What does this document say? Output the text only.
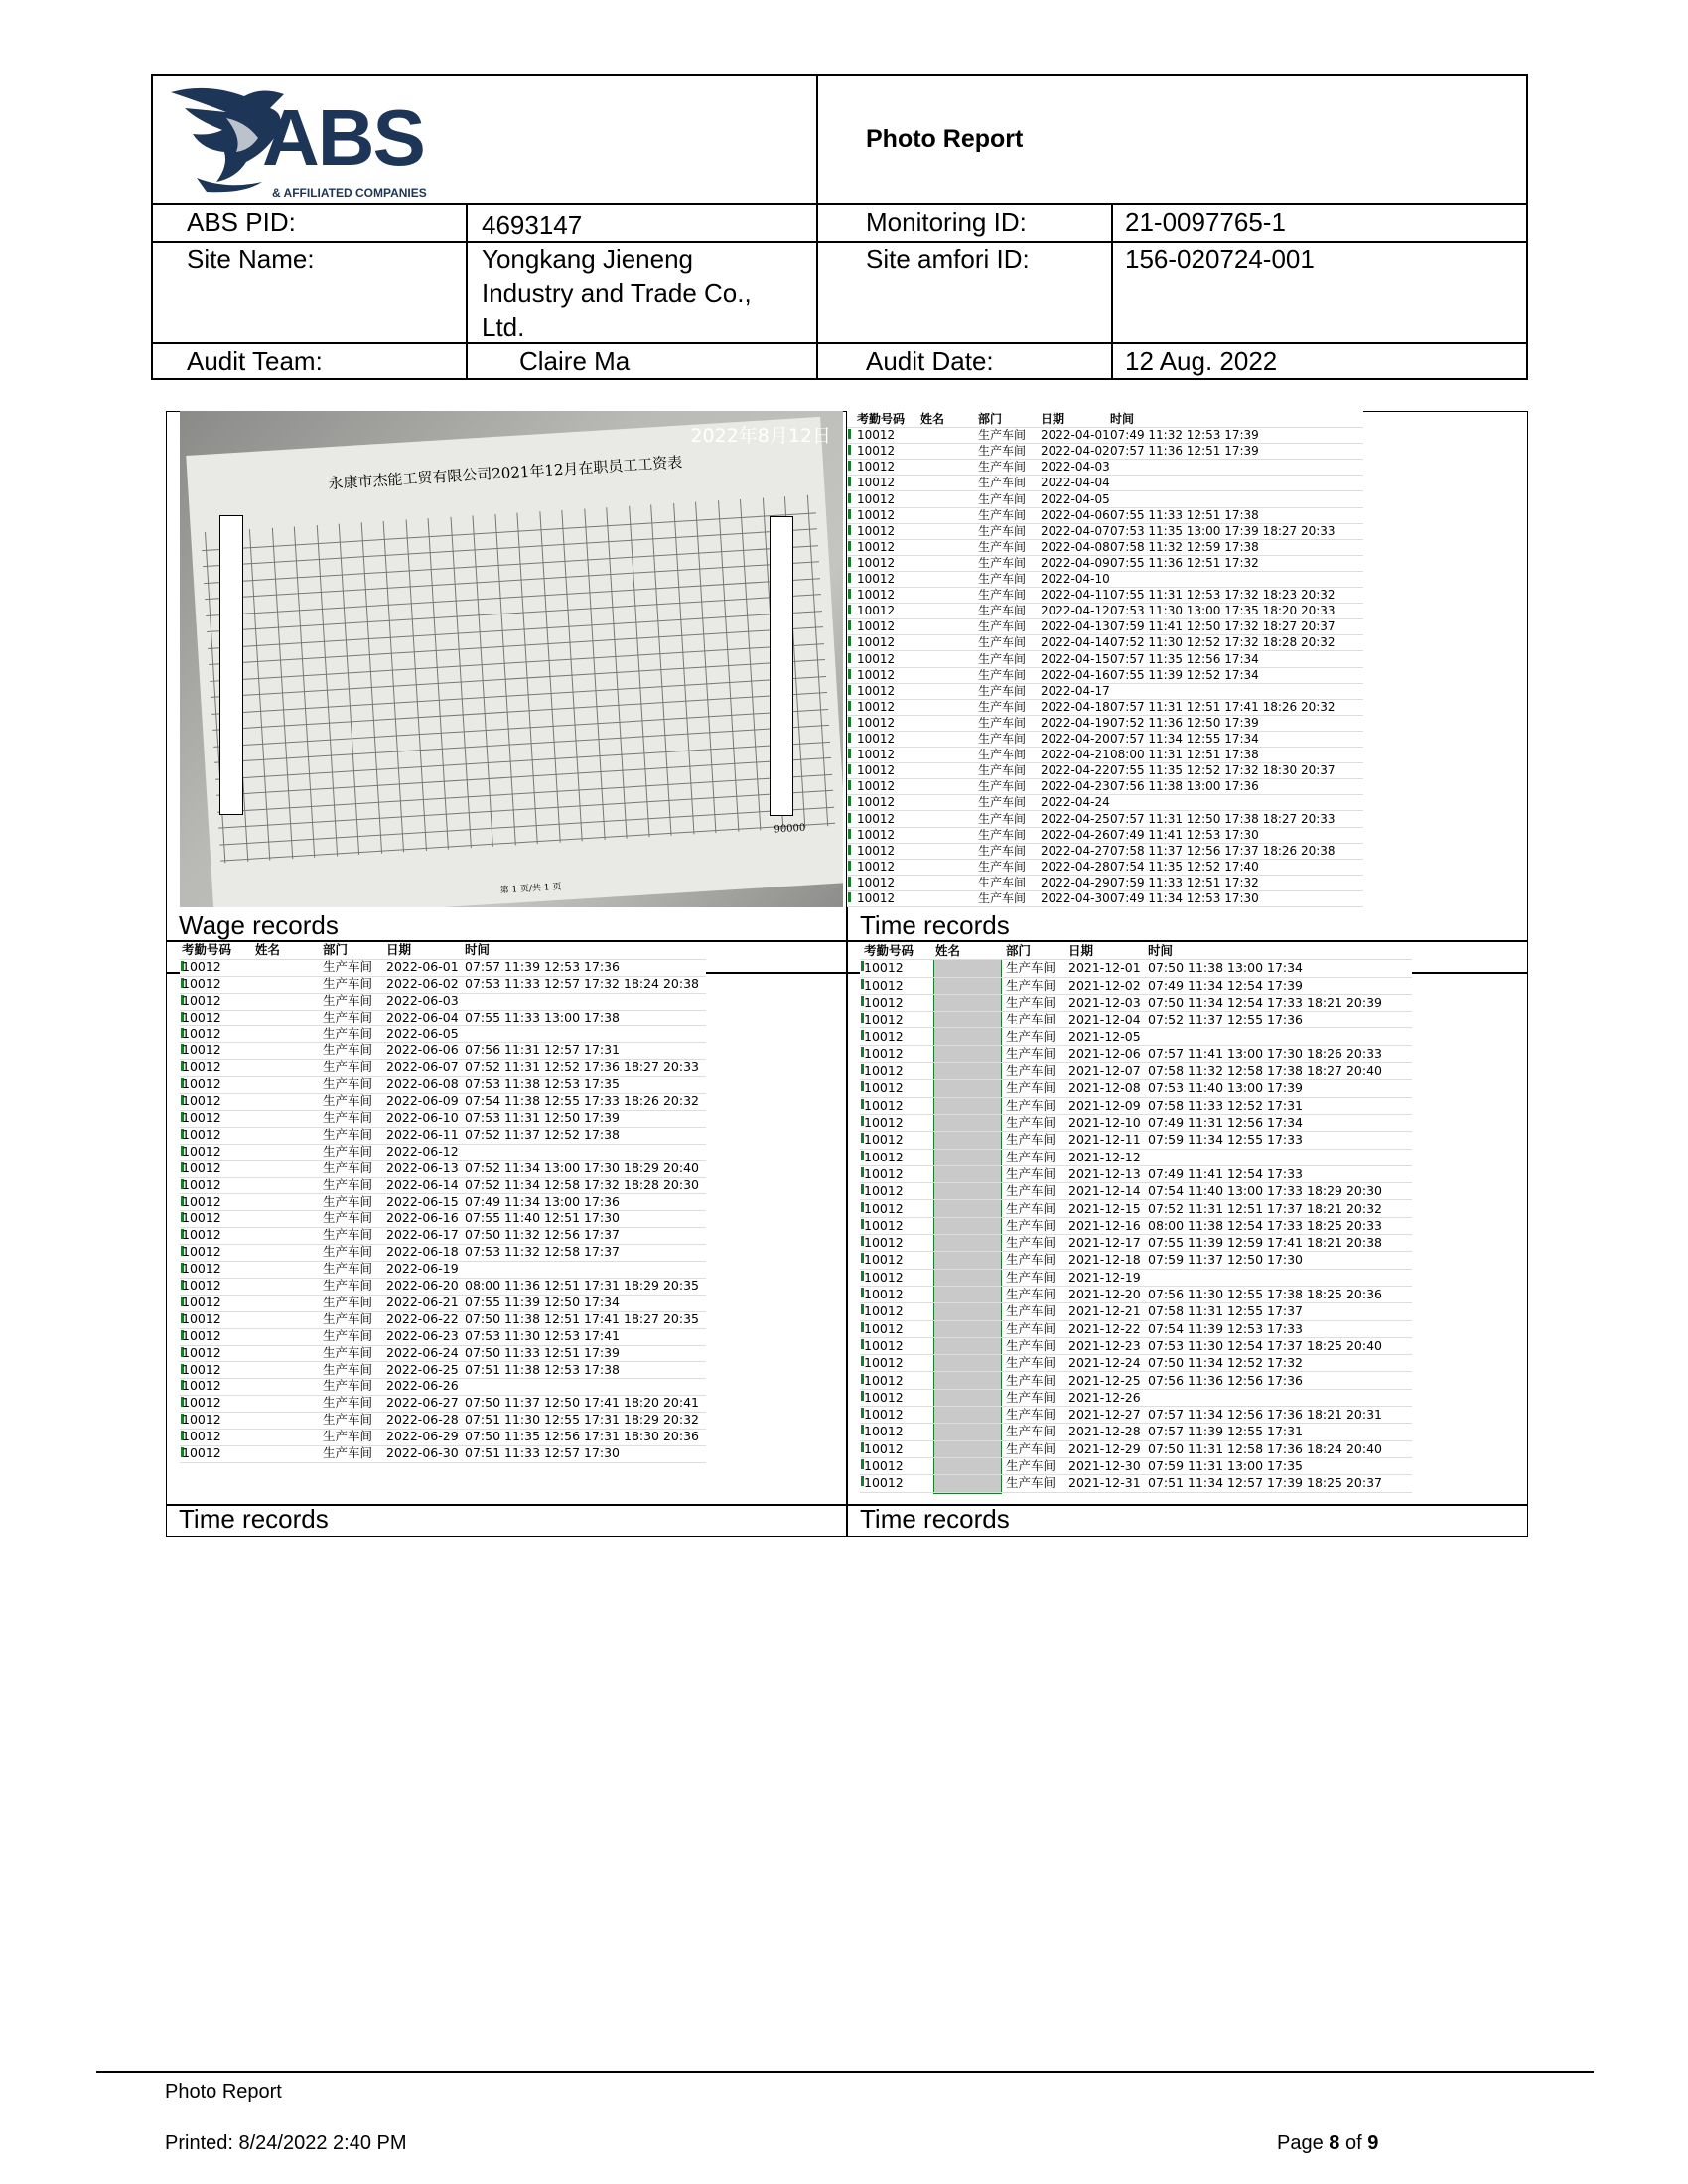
ABS
& AFFILIATED COMPANIES
Photo Report
ABS PID:	4693147	Monitoring ID:	21-0097765-1
Site Name:	Yongkang Jieneng
Industry and Trade Co.,
Ltd.
Site amfori ID:	156-020724-001
Audit Team:	Claire Ma	Audit Date:	12 Aug. 2022
Wage records	Time records
Time records	Time records
永康市杰能工贸有限公司2021年12月在职员工工资表
90000
第 1 页/共 1 页
2022年8月12日
考勤号码 姓名	部门	日期	时间
10012	生产车间 2022-04-01 07:49 11:32 12:53 17:39
10012	生产车间 2022-04-02 07:57 11:36 12:51 17:39
10012	生产车间 2022-04-03
10012	生产车间 2022-04-04
10012	生产车间 2022-04-05
10012	生产车间 2022-04-06 07:55 11:33 12:51 17:38
10012	生产车间 2022-04-07 07:53 11:35 13:00 17:39 18:27 20:33
10012	生产车间 2022-04-08 07:58 11:32 12:59 17:38
10012	生产车间 2022-04-09 07:55 11:36 12:51 17:32
10012	生产车间 2022-04-10
10012	生产车间 2022-04-11 07:55 11:31 12:53 17:32 18:23 20:32
10012	生产车间 2022-04-12 07:53 11:30 13:00 17:35 18:20 20:33
10012	生产车间 2022-04-13 07:59 11:41 12:50 17:32 18:27 20:37
10012	生产车间 2022-04-14 07:52 11:30 12:52 17:32 18:28 20:32
10012	生产车间 2022-04-15 07:57 11:35 12:56 17:34
10012	生产车间 2022-04-16 07:55 11:39 12:52 17:34
10012	生产车间 2022-04-17
10012	生产车间 2022-04-18 07:57 11:31 12:51 17:41 18:26 20:32
10012	生产车间 2022-04-19 07:52 11:36 12:50 17:39
10012	生产车间 2022-04-20 07:57 11:34 12:55 17:34
10012	生产车间 2022-04-21 08:00 11:31 12:51 17:38
10012	生产车间 2022-04-22 07:55 11:35 12:52 17:32 18:30 20:37
10012	生产车间 2022-04-23 07:56 11:38 13:00 17:36
10012	生产车间 2022-04-24
10012	生产车间 2022-04-25 07:57 11:31 12:50 17:38 18:27 20:33
10012	生产车间 2022-04-26 07:49 11:41 12:53 17:30
10012	生产车间 2022-04-27 07:58 11:37 12:56 17:37 18:26 20:38
10012	生产车间 2022-04-28 07:54 11:35 12:52 17:40
10012	生产车间 2022-04-29 07:59 11:33 12:51 17:32
10012	生产车间 2022-04-30 07:49 11:34 12:53 17:30
考勤号码 姓名	部门	日期	时间
10012	生产车间 2022-06-01 07:57 11:39 12:53 17:36
10012	生产车间 2022-06-02 07:53 11:33 12:57 17:32 18:24 20:38
10012	生产车间 2022-06-03
10012	生产车间 2022-06-04 07:55 11:33 13:00 17:38
10012	生产车间 2022-06-05
10012	生产车间 2022-06-06 07:56 11:31 12:57 17:31
10012	生产车间 2022-06-07 07:52 11:31 12:52 17:36 18:27 20:33
10012	生产车间 2022-06-08 07:53 11:38 12:53 17:35
10012	生产车间 2022-06-09 07:54 11:38 12:55 17:33 18:26 20:32
10012	生产车间 2022-06-10 07:53 11:31 12:50 17:39
10012	生产车间 2022-06-11 07:52 11:37 12:52 17:38
10012	生产车间 2022-06-12
10012	生产车间 2022-06-13 07:52 11:34 13:00 17:30 18:29 20:40
10012	生产车间 2022-06-14 07:52 11:34 12:58 17:32 18:28 20:30
10012	生产车间 2022-06-15 07:49 11:34 13:00 17:36
10012	生产车间 2022-06-16 07:55 11:40 12:51 17:30
10012	生产车间 2022-06-17 07:50 11:32 12:56 17:37
10012	生产车间 2022-06-18 07:53 11:32 12:58 17:37
10012	生产车间 2022-06-19
10012	生产车间 2022-06-20 08:00 11:36 12:51 17:31 18:29 20:35
10012	生产车间 2022-06-21 07:55 11:39 12:50 17:34
10012	生产车间 2022-06-22 07:50 11:38 12:51 17:41 18:27 20:35
10012	生产车间 2022-06-23 07:53 11:30 12:53 17:41
10012	生产车间 2022-06-24 07:50 11:33 12:51 17:39
10012	生产车间 2022-06-25 07:51 11:38 12:53 17:38
10012	生产车间 2022-06-26
10012	生产车间 2022-06-27 07:50 11:37 12:50 17:41 18:20 20:41
10012	生产车间 2022-06-28 07:51 11:30 12:55 17:31 18:29 20:32
10012	生产车间 2022-06-29 07:50 11:35 12:56 17:31 18:30 20:36
10012	生产车间 2022-06-30 07:51 11:33 12:57 17:30
考勤号码 姓名	部门	日期	时间
10012	生产车间 2021-12-01 07:50 11:38 13:00 17:34
10012	生产车间 2021-12-02 07:49 11:34 12:54 17:39
10012	生产车间 2021-12-03 07:50 11:34 12:54 17:33 18:21 20:39
10012	生产车间 2021-12-04 07:52 11:37 12:55 17:36
10012	生产车间 2021-12-05
10012	生产车间 2021-12-06 07:57 11:41 13:00 17:30 18:26 20:33
10012	生产车间 2021-12-07 07:58 11:32 12:58 17:38 18:27 20:40
10012	生产车间 2021-12-08 07:53 11:40 13:00 17:39
10012	生产车间 2021-12-09 07:58 11:33 12:52 17:31
10012	生产车间 2021-12-10 07:49 11:31 12:56 17:34
10012	生产车间 2021-12-11 07:59 11:34 12:55 17:33
10012	生产车间 2021-12-12
10012	生产车间 2021-12-13 07:49 11:41 12:54 17:33
10012	生产车间 2021-12-14 07:54 11:40 13:00 17:33 18:29 20:30
10012	生产车间 2021-12-15 07:52 11:31 12:51 17:37 18:21 20:32
10012	生产车间 2021-12-16 08:00 11:38 12:54 17:33 18:25 20:33
10012	生产车间 2021-12-17 07:55 11:39 12:59 17:41 18:21 20:38
10012	生产车间 2021-12-18 07:59 11:37 12:50 17:30
10012	生产车间 2021-12-19
10012	生产车间 2021-12-20 07:56 11:30 12:55 17:38 18:25 20:36
10012	生产车间 2021-12-21 07:58 11:31 12:55 17:37
10012	生产车间 2021-12-22 07:54 11:39 12:53 17:33
10012	生产车间 2021-12-23 07:53 11:30 12:54 17:37 18:25 20:40
10012	生产车间 2021-12-24 07:50 11:34 12:52 17:32
10012	生产车间 2021-12-25 07:56 11:36 12:56 17:36
10012	生产车间 2021-12-26
10012	生产车间 2021-12-27 07:57 11:34 12:56 17:36 18:21 20:31
10012	生产车间 2021-12-28 07:57 11:39 12:55 17:31
10012	生产车间 2021-12-29 07:50 11:31 12:58 17:36 18:24 20:40
10012	生产车间 2021-12-30 07:59 11:31 13:00 17:35
10012	生产车间 2021-12-31 07:51 11:34 12:57 17:39 18:25 20:37
Photo Report
Printed: 8/24/2022 2:40 PM	Page 8 of 9
